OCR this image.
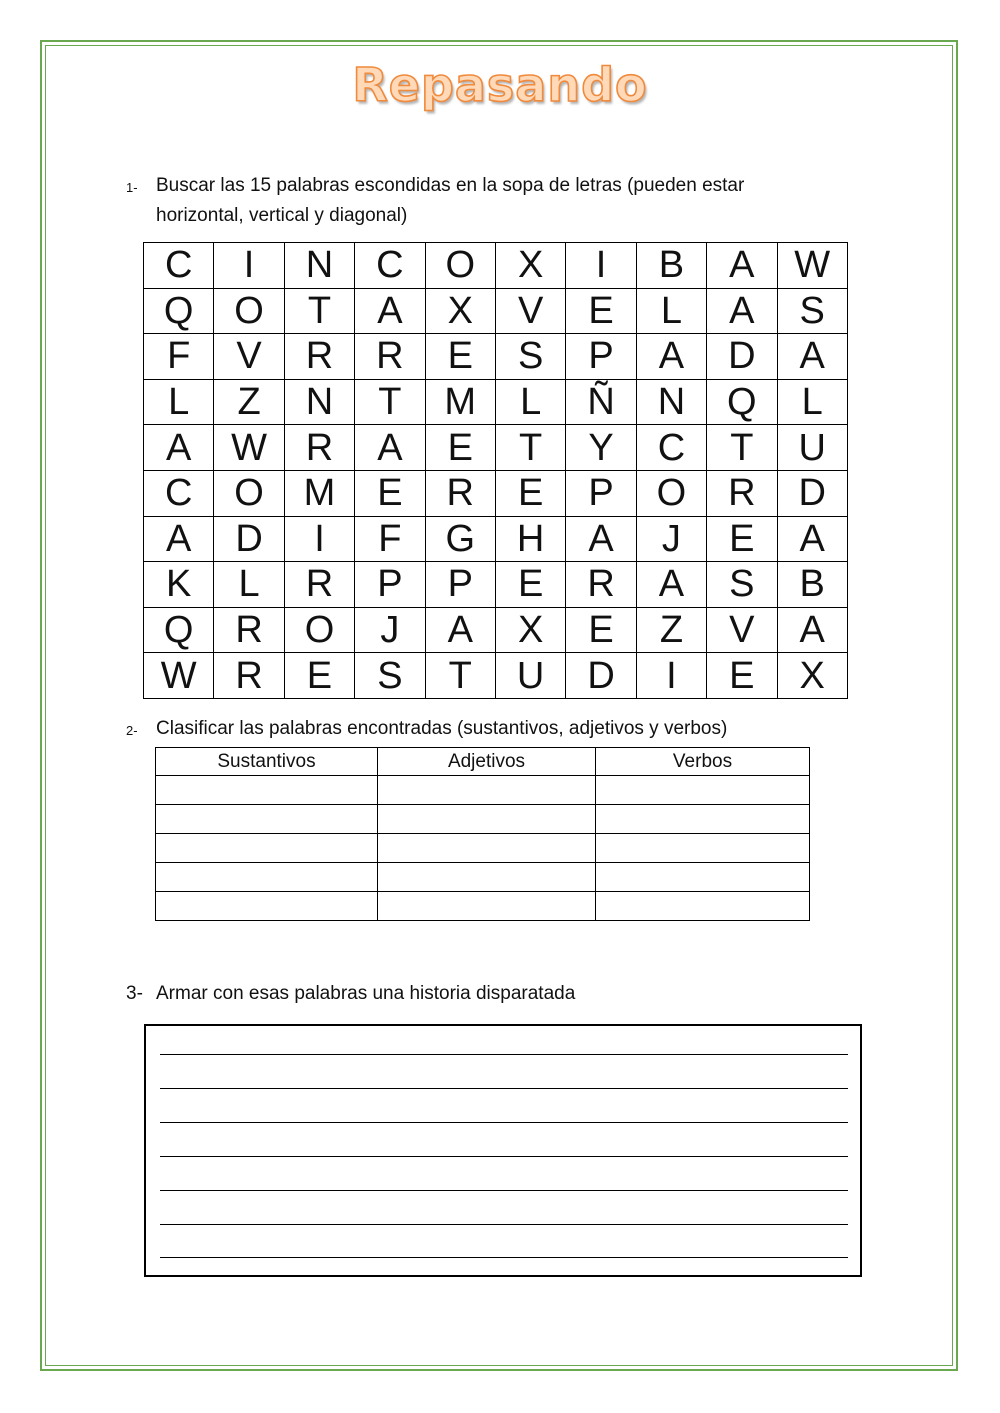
Repasando
1- Buscar las 15 palabras escondidas en la sopa de letras (pueden estar
horizontal, vertical y diagonal)
C	I	N	C	O	X	I	B	A	W
Q	O	T	A	X	V	E	L	A	S
F	V	R	R	E	S	P	A	D	A
L	Z	N	T	M	L	Ñ	N	Q	L
A	W	R	A	E	T	Y	C	T	U
C	O	M	E	R	E	P	O	R	D
A	D	I	F	G	H	A	J	E	A
K	L	R	P	P	E	R	A	S	B
Q	R	O	J	A	X	E	Z	V	A
W	R	E	S	T	U	D	I	E	X
2- Clasificar las palabras encontradas (sustantivos, adjetivos y verbos)
Sustantivos	Adjetivos	Verbos

3- Armar con esas palabras una historia disparatada
